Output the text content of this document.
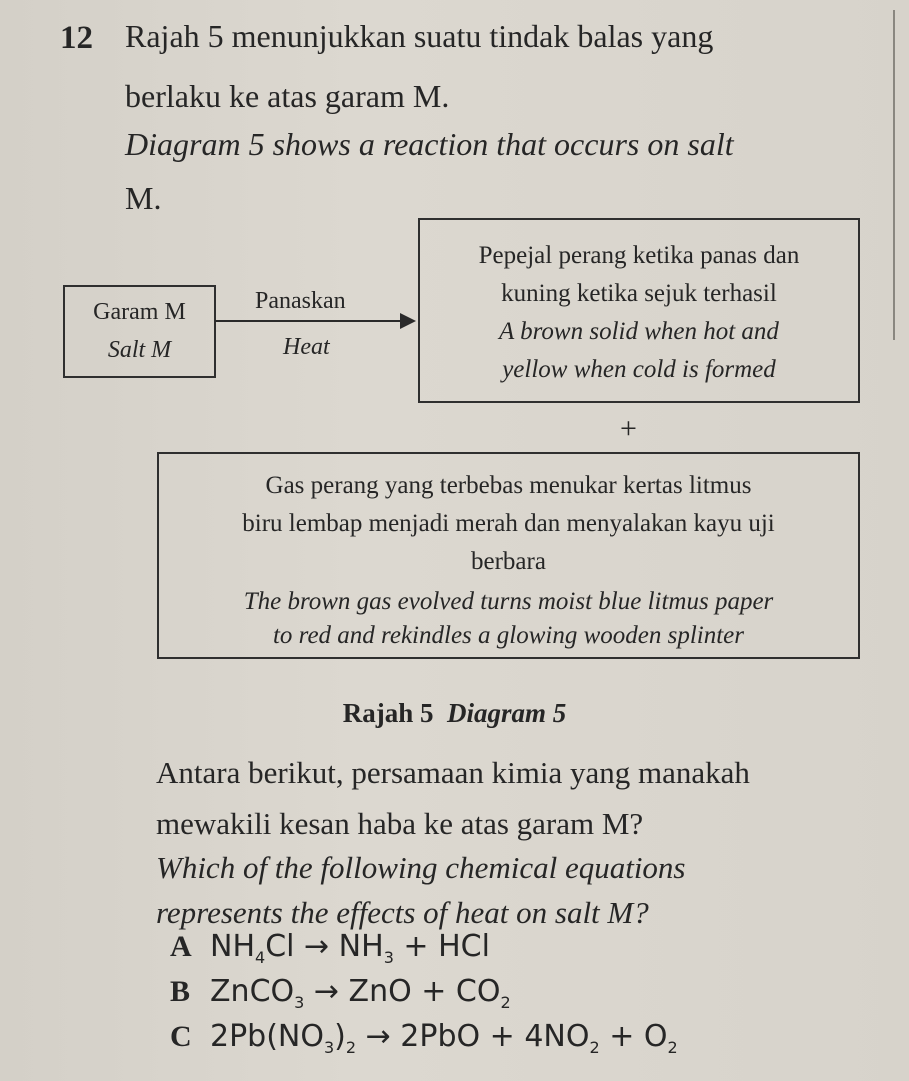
12 Rajah 5 menunjukkan suatu tindak balas yang
berlaku ke atas garam M.
Diagram 5 shows a reaction that occurs on salt
M.
Garam M
Salt M
Panaskan
Heat
Pepejal perang ketika panas dan
kuning ketika sejuk terhasil
A brown solid when hot and
yellow when cold is formed
+
Gas perang yang terbebas menukar kertas litmus
biru lembap menjadi merah dan menyalakan kayu uji
berbara
The brown gas evolved turns moist blue litmus paper
to red and rekindles a glowing wooden splinter
Rajah 5 Diagram 5
Antara berikut, persamaan kimia yang manakah
mewakili kesan haba ke atas garam M?
Which of the following chemical equations
represents the effects of heat on salt M?
A $NH_4Cl \to NH_3$ + HCl
B ZnCO$_3$ → ZnO + $CO_2$
C $2Pb(NO_3)_2 \to 2PbO + 4NO_2 + O_2$
